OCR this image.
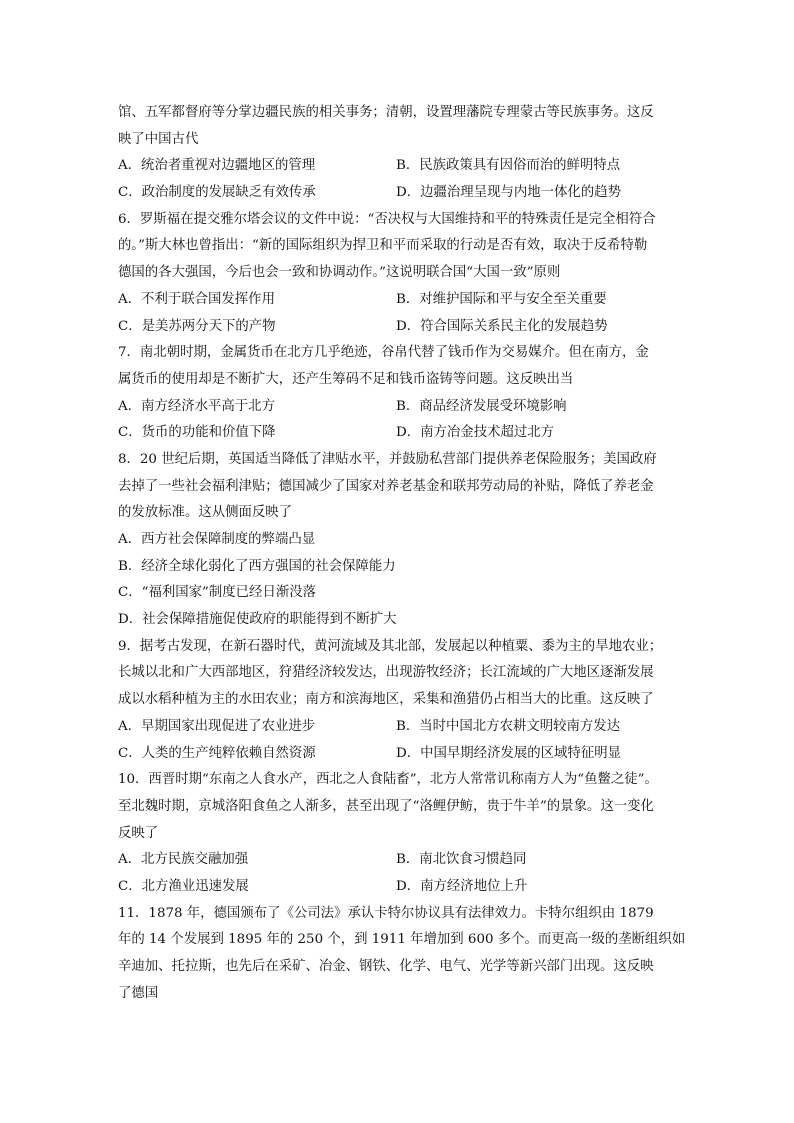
馆、五军都督府等分掌边疆民族的相关事务；清朝，设置理藩院专理蒙古等民族事务。这反
映了中国古代
A．统治者重视对边疆地区的管理	B．民族政策具有因俗而治的鲜明特点
C．政治制度的发展缺乏有效传承	D．边疆治理呈现与内地一体化的趋势
6．罗斯福在提交雅尔塔会议的文件中说：“否决权与大国维持和平的特殊责任是完全相符合
的。”斯大林也曾指出：“新的国际组织为捍卫和平而采取的行动是否有效，取决于反希特勒
德国的各大强国，今后也会一致和协调动作。”这说明联合国“大国一致”原则
A．不利于联合国发挥作用	B．对维护国际和平与安全至关重要
C．是美苏两分天下的产物	D．符合国际关系民主化的发展趋势
7．南北朝时期，金属货币在北方几乎绝迹，谷帛代替了钱币作为交易媒介。但在南方，金
属货币的使用却是不断扩大，还产生筹码不足和钱币盗铸等问题。这反映出当
A．南方经济水平高于北方	B．商品经济发展受环境影响
C．货币的功能和价值下降	D．南方冶金技术超过北方
8．20 世纪后期，英国适当降低了津贴水平，并鼓励私营部门提供养老保险服务；美国政府
去掉了一些社会福利津贴；德国减少了国家对养老基金和联邦劳动局的补贴，降低了养老金
的发放标准。这从侧面反映了
A．西方社会保障制度的弊端凸显
B．经济全球化弱化了西方强国的社会保障能力
C．“福利国家”制度已经日渐没落
D．社会保障措施促使政府的职能得到不断扩大
9．据考古发现，在新石器时代，黄河流域及其北部，发展起以种植粟、黍为主的旱地农业；
长城以北和广大西部地区，狩猎经济较发达，出现游牧经济；长江流域的广大地区逐渐发展
成以水稻种植为主的水田农业；南方和滨海地区，采集和渔猎仍占相当大的比重。这反映了
A．早期国家出现促进了农业进步	B．当时中国北方农耕文明较南方发达
C．人类的生产纯粹依赖自然资源	D．中国早期经济发展的区域特征明显
10．西晋时期“东南之人食水产，西北之人食陆畜”，北方人常常讥称南方人为“鱼鳖之徒”。
至北魏时期，京城洛阳食鱼之人渐多，甚至出现了“洛鲤伊鲂，贵于牛羊”的景象。这一变化
反映了
A．北方民族交融加强	B．南北饮食习惯趋同
C．北方渔业迅速发展	D．南方经济地位上升
11．1878 年，德国颁布了《公司法》承认卡特尔协议具有法律效力。卡特尔组织由 1879
年的 14 个发展到 1895 年的 250 个，到 1911 年增加到 600 多个。而更高一级的垄断组织如
辛迪加、托拉斯，也先后在采矿、冶金、钢铁、化学、电气、光学等新兴部门出现。这反映
了德国
